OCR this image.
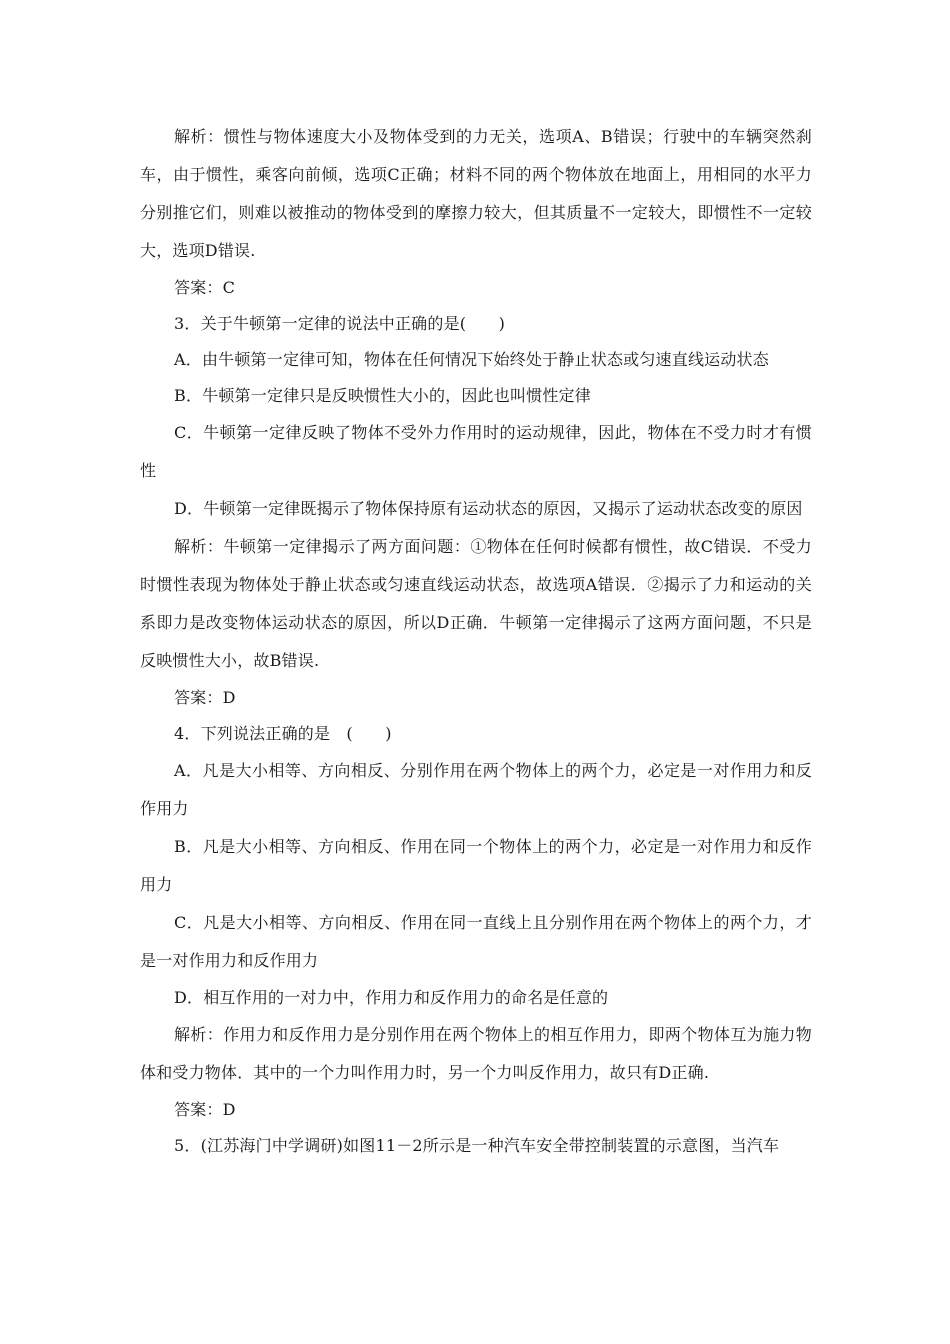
解析：惯性与物体速度大小及物体受到的力无关，选项A、B错误；行驶中的车辆突然刹车，由于惯性，乘客向前倾，选项C正确；材料不同的两个物体放在地面上，用相同的水平力分别推它们，则难以被推动的物体受到的摩擦力较大，但其质量不一定较大，即惯性不一定较大，选项D错误.

答案：C

3．关于牛顿第一定律的说法中正确的是(　　)

A．由牛顿第一定律可知，物体在任何情况下始终处于静止状态或匀速直线运动状态

B．牛顿第一定律只是反映惯性大小的，因此也叫惯性定律

C．牛顿第一定律反映了物体不受外力作用时的运动规律，因此，物体在不受力时才有惯性

D．牛顿第一定律既揭示了物体保持原有运动状态的原因，又揭示了运动状态改变的原因

解析：牛顿第一定律揭示了两方面问题：①物体在任何时候都有惯性，故C错误．不受力时惯性表现为物体处于静止状态或匀速直线运动状态，故选项A错误．②揭示了力和运动的关系即力是改变物体运动状态的原因，所以D正确．牛顿第一定律揭示了这两方面问题，不只是反映惯性大小，故B错误.

答案：D

4．下列说法正确的是　(　　)

A．凡是大小相等、方向相反、分别作用在两个物体上的两个力，必定是一对作用力和反作用力

B．凡是大小相等、方向相反、作用在同一个物体上的两个力，必定是一对作用力和反作用力

C．凡是大小相等、方向相反、作用在同一直线上且分别作用在两个物体上的两个力，才是一对作用力和反作用力

D．相互作用的一对力中，作用力和反作用力的命名是任意的

解析：作用力和反作用力是分别作用在两个物体上的相互作用力，即两个物体互为施力物体和受力物体．其中的一个力叫作用力时，另一个力叫反作用力，故只有D正确.

答案：D

5．(江苏海门中学调研)如图11－2所示是一种汽车安全带控制装置的示意图，当汽车
